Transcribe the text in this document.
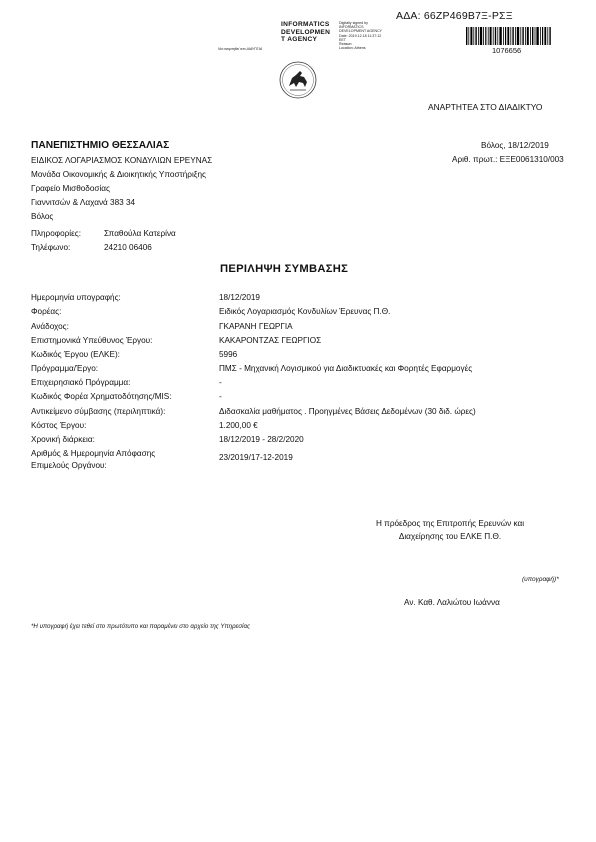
ΑΔΑ: 66ΖΡ469Β7Ξ-ΡΣΞ
INFORMATICS
DEVELOPMEN
T AGENCY
Digitally signed by
INFORMATICS
DEVELOPMENT AGENCY
Date: 2019.12.18 11:37:12
EET
Reason:
Location: Athens
Να αναρτηθεί στο ΔΙΑΥΓΕΙΑ	1076656
ΑΝΑΡΤΗΤΕΑ ΣΤΟ ΔΙΑΔΙΚΤΥΟ
ΠΑΝΕΠΙΣΤΗΜΙΟ ΘΕΣΣΑΛΙΑΣ
ΕΙΔΙΚΟΣ ΛΟΓΑΡΙΑΣΜΟΣ ΚΟΝΔΥΛΙΩΝ ΕΡΕΥΝΑΣ
Μονάδα Οικονομικής & Διοικητικής Υποστήριξης
Γραφείο Μισθοδοσίας
Γιαννιτσών & Λαχανά 383 34
Βόλος
Πληροφορίες:	Σπαθούλα Κατερίνα
Τηλέφωνο:	24210 06406
Βόλος, 18/12/2019
Αριθ. πρωτ.: ΕΞΕ0061310/003
ΠΕΡΙΛΗΨΗ ΣΥΜΒΑΣΗΣ
Ημερομηνία υπογραφής:	18/12/2019
Φορέας:	Ειδικός Λογαριασμός Κονδυλίων Έρευνας Π.Θ.
Ανάδοχος:	ΓΚΑΡΑΝΗ ΓΕΩΡΓΙΑ
Επιστημονικά Υπεύθυνος Έργου:	ΚΑΚΑΡΟΝΤΖΑΣ ΓΕΩΡΓΙΟΣ
Κωδικός Έργου (ΕΛΚΕ):	5996
Πρόγραμμα/Έργο:	ΠΜΣ - Μηχανική Λογισμικού για Διαδικτυακές και Φορητές Εφαρμογές
Επιχειρησιακό Πρόγραμμα:	-
Κωδικός Φορέα Χρηματοδότησης/MIS:	-
Αντικείμενο σύμβασης (περιληπτικά):	Διδασκαλία μαθήματος . Προηγμένες Βάσεις Δεδομένων (30 διδ. ώρες)
Κόστος Έργου:	1.200,00 €
Χρονική διάρκεια:	18/12/2019 - 28/2/2020
Αριθμός & Ημερομηνία Απόφασης
Επιμελούς Οργάνου:
23/2019/17-12-2019
Η πρόεδρος της Επιτροπής Ερευνών και
Διαχείρησης του ΕΛΚΕ Π.Θ.
(υπογραφή)*
Αν. Καθ. Λαλιώτου Ιωάννα
*Η υπογραφή έχει τεθεί στο πρωτότυπο και παραμένει στο αρχείο της Υπηρεσίας
